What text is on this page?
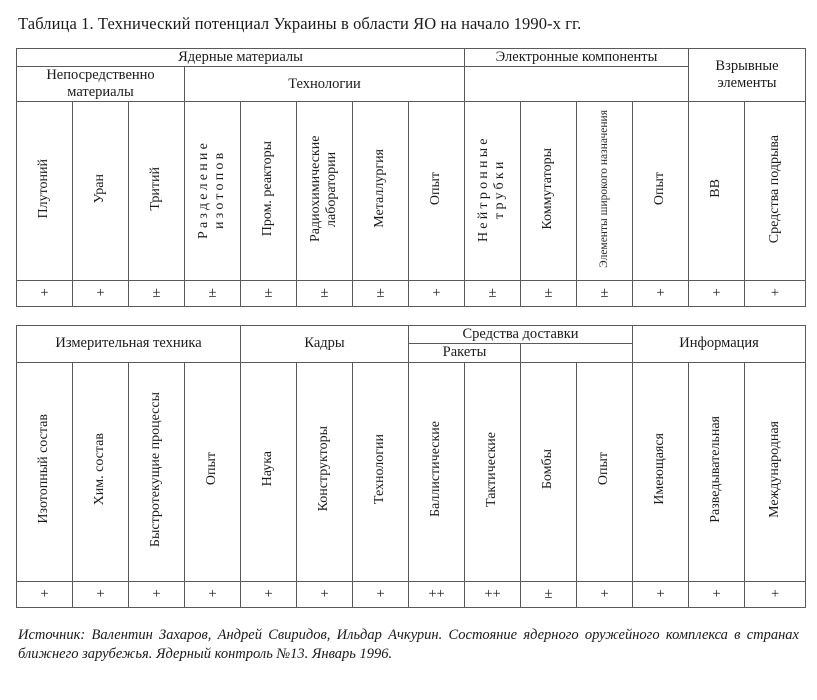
Таблица 1. Технический потенциал Украины в области ЯО на начало 1990-х гг.
Ядерные материалы								Электронные компоненты				Взрывные элементы	
Непосредственно материалы			Технологии										
Плутоний	Уран	Тритий	Разделение изотопов	Пром. реакторы	Радиохимические лаборатории	Металлургия	Опыт	Нейтронные трубки	Коммутаторы	Элементы широкого назначения	Опыт	ВВ	Средства подрыва
+	+	±	±	±	±	±	+	±	±	±	+	+	+
Измерительная техника				Кадры			Средства доставки				Информация		
							Ракеты						
Изотопный состав	Хим. состав	Быстротекущие процессы	Опыт	Наука	Конструкторы	Технологии	Баллистические	Тактические	Бомбы	Опыт	Имеющаяся	Разведывательная	Международная
+	+	+	+	+	+	+	++	++	±	+	+	+	+
Источник: Валентин Захаров, Андрей Свиридов, Ильдар Ачкурин. Состояние ядерного оружейного комплекса в странах ближнего зарубежья. Ядерный контроль №13. Январь 1996.
